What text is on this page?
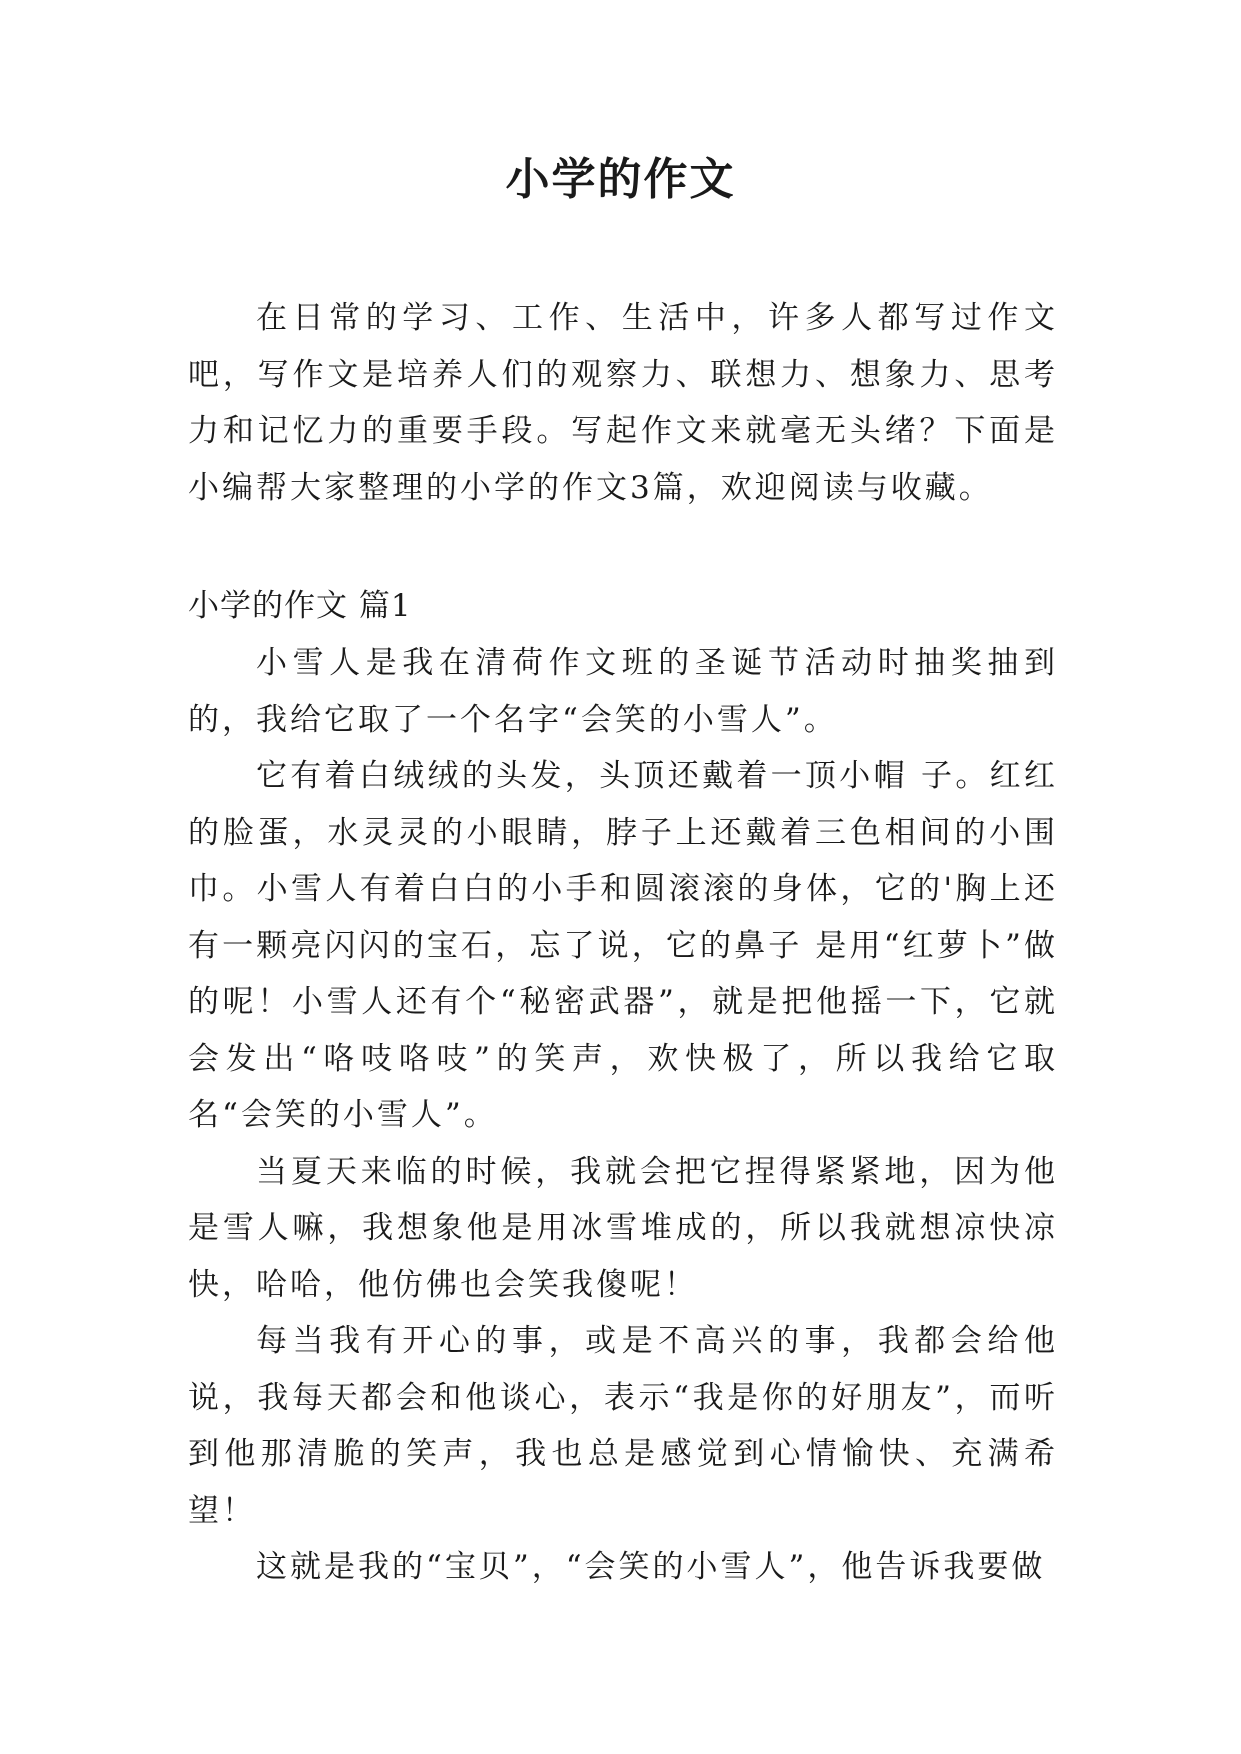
小学的作文

在日常的学习、工作、生活中，许多人都写过作文吧，写作文是培养人们的观察力、联想力、想象力、思考力和记忆力的重要手段。写起作文来就毫无头绪？下面是小编帮大家整理的小学的作文3篇，欢迎阅读与收藏。

小学的作文 篇1

小雪人是我在清荷作文班的圣诞节活动时抽奖抽到的，我给它取了一个名字“会笑的小雪人”。

它有着白绒绒的头发，头顶还戴着一顶小帽 子。红红的脸蛋，水灵灵的小眼睛，脖子上还戴着三色相间的小围巾。小雪人有着白白的小手和圆滚滚的身体，它的'胸上还有一颗亮闪闪的宝石，忘了说，它的鼻子 是用“红萝卜”做的呢！小雪人还有个“秘密武器”，就是把他摇一下，它就会发出“咯吱咯吱”的笑声，欢快极了，所以我给它取名“会笑的小雪人”。

当夏天来临的时候，我就会把它捏得紧紧地，因为他是雪人嘛，我想象他是用冰雪堆成的，所以我就想凉快凉快，哈哈，他仿佛也会笑我傻呢！

每当我有开心的事，或是不高兴的事，我都会给他说，我每天都会和他谈心，表示“我是你的好朋友”，而听到他那清脆的笑声，我也总是感觉到心情愉快、充满希望！

这就是我的“宝贝”，“会笑的小雪人”，他告诉我要做
